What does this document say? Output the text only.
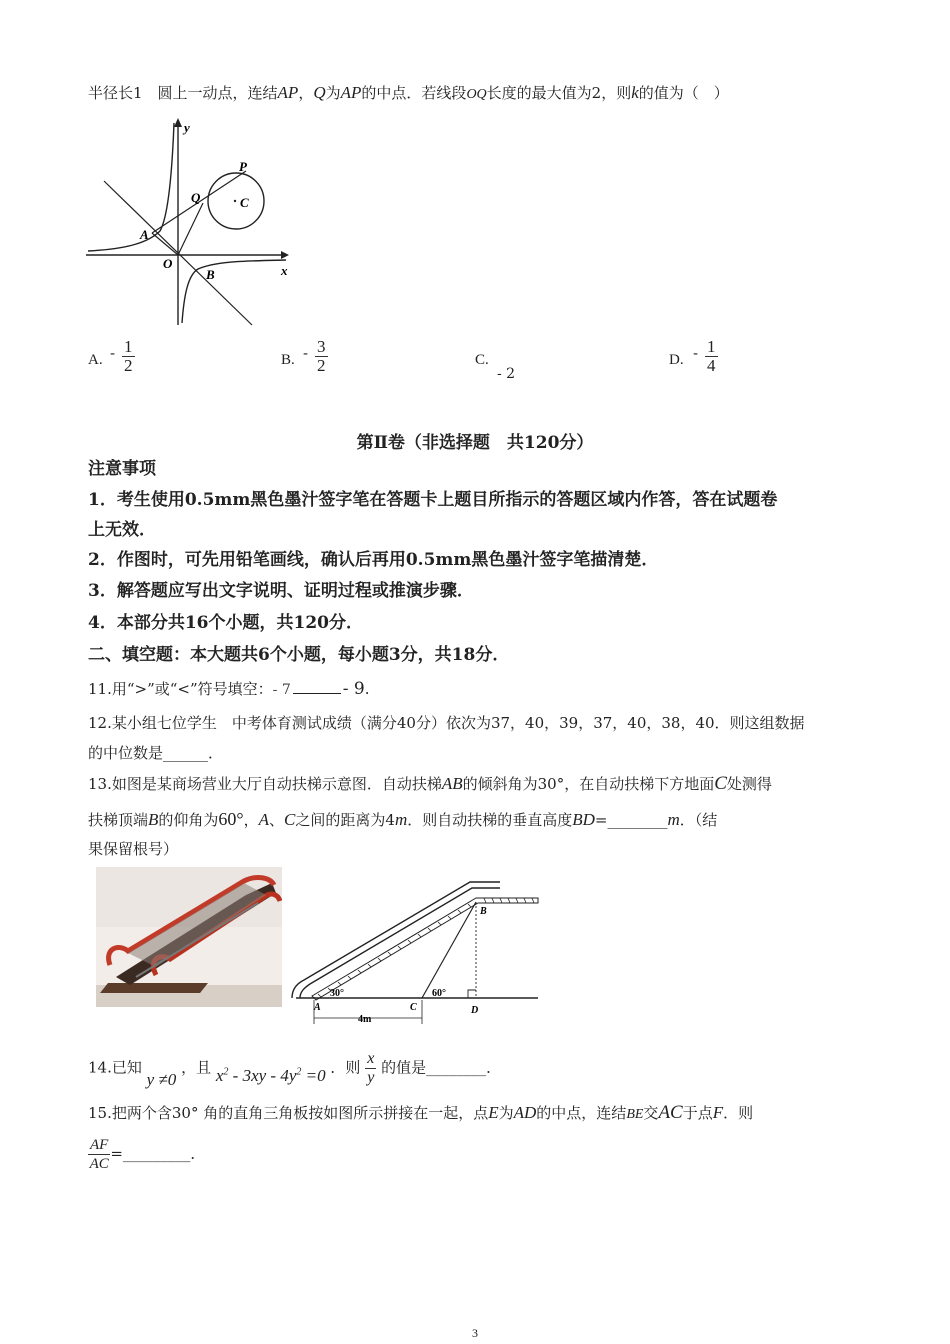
半径长1　圆上一动点，连结AP，Q为AP的中点．若线段OQ长度的最大值为2，则k的值为（　）
y
x
O
A
B
Q
P
C
A. - $\frac{1}{2}$	B. - $\frac{3}{2}$	C.
- 2
D. - $\frac{1}{4}$
第Ⅱ卷（非选择题　共120分）
注意事项
1．考生使用0.5mm黑色墨汁签字笔在答题卡上题目所指示的答题区域内作答，答在试题卷
上无效．
2．作图时，可先用铅笔画线，确认后再用0.5mm黑色墨汁签字笔描清楚．
3．解答题应写出文字说明、证明过程或推演步骤．
4．本部分共16个小题，共120分．
二、填空题：本大题共6个小题，每小题3分，共18分．
11.用“>”或“<”符号填空：- 7	- 9.
12.某小组七位学生　中考体育测试成绩（满分40分）依次为37，40，39，37，40，38，40．则这组数据
的中位数是______．
13.如图是某商场营业大厅自动扶梯示意图．自动扶梯AB的倾斜角为30°，在自动扶梯下方地面C处测得
扶梯顶端B的仰角为60°，A、C之间的距离为4m．则自动扶梯的垂直高度BD=________m．（结
果保留根号）
B
A	C	D
30°	60°
4m
14.已知 y ≠0 ，且 $x^2 - 3xy - 4y^2 =0$ ．则 $\frac{x}{y}$ 的值是________．
15.把两个含30° 角的直角三角板按如图所示拼接在一起，点E为AD的中点，连结BE交AC于点F．则
$\frac{AF}{AC}$ =_________．
3
